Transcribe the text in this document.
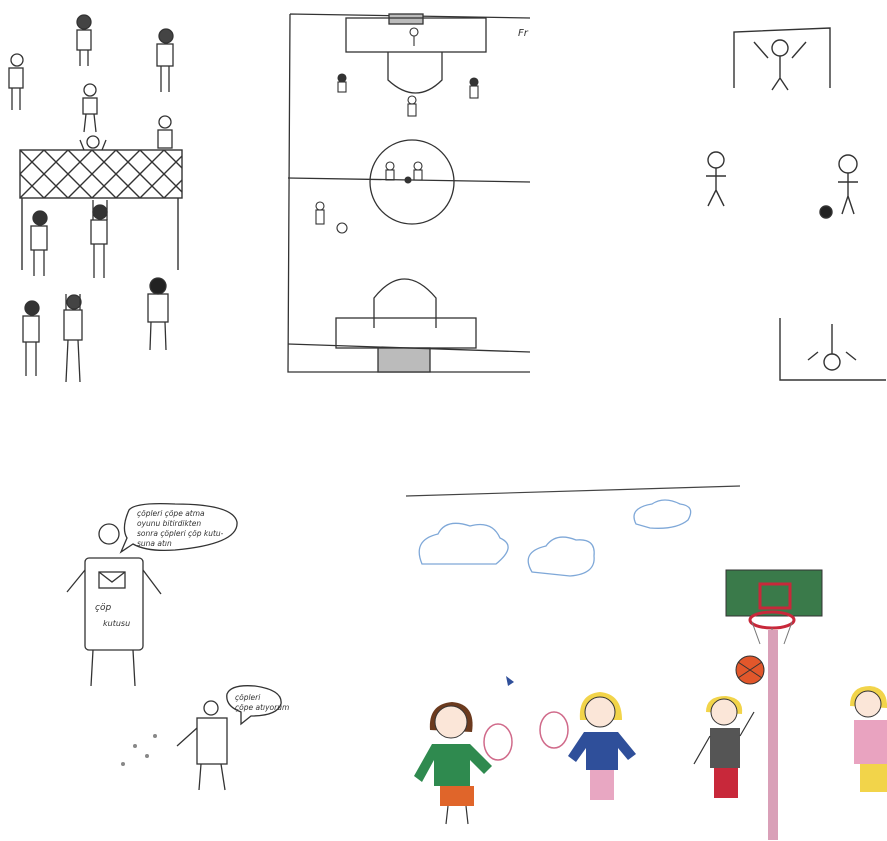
Fr
çöpleri çöpe atma oyunu bitirdikten sonra çöpleri çöp kutu- suna atın
çöp
kutusu
çöpleri çöpe atıyorum
